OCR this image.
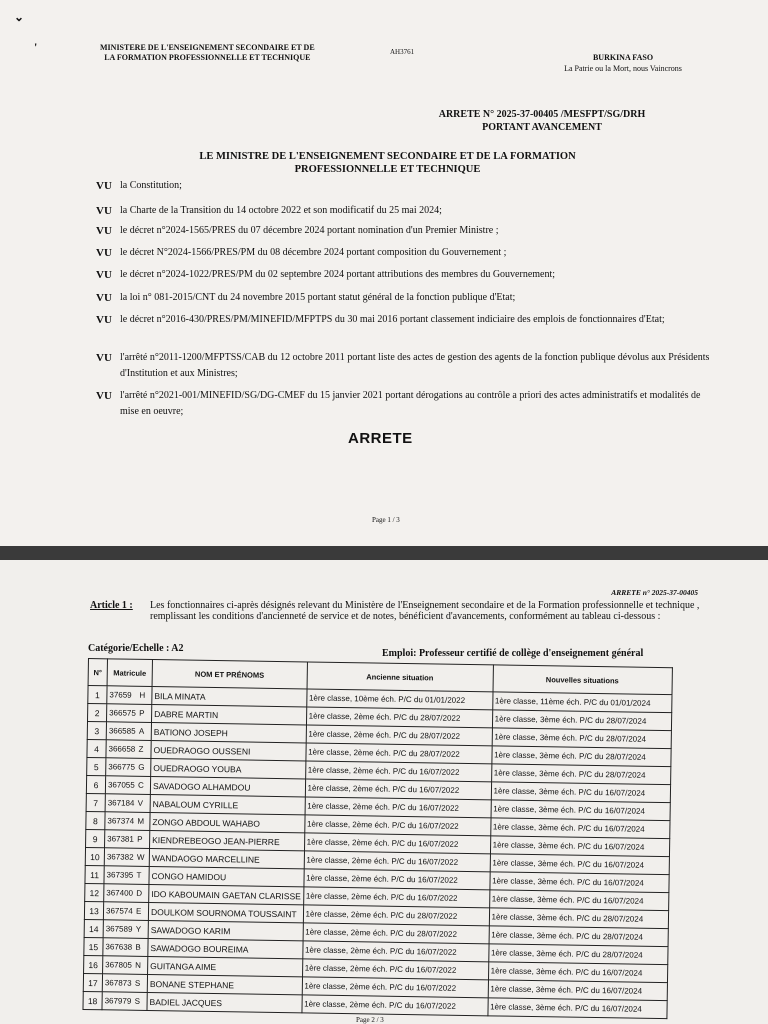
⌄
'	MINISTERE DE L'ENSEIGNEMENT SECONDAIRE ET DE
LA FORMATION PROFESSIONNELLE ET TECHNIQUE
AH3761
BURKINA FASO
La Patrie ou la Mort, nous Vaincrons
ARRETE N° 2025-37-00405 /MESFPT/SG/DRH
PORTANT AVANCEMENT
LE MINISTRE DE L'ENSEIGNEMENT SECONDAIRE ET DE LA FORMATION PROFESSIONNELLE ET TECHNIQUE
VU la Constitution;
VU la Charte de la Transition du 14 octobre 2022 et son modificatif du 25 mai 2024;
VU le décret n°2024-1565/PRES du 07 décembre 2024 portant nomination d'un Premier Ministre ;
VU le décret N°2024-1566/PRES/PM du 08 décembre 2024 portant composition du Gouvernement ;
VU le décret n°2024-1022/PRES/PM du 02 septembre 2024 portant attributions des membres du Gouvernement;
VU la loi n° 081-2015/CNT du 24 novembre 2015 portant statut général de la fonction publique d'Etat;
VU le décret n°2016-430/PRES/PM/MINEFID/MFPTPS du 30 mai 2016 portant classement indiciaire des emplois de fonctionnaires d'Etat;
VU l'arrêté n°2011-1200/MFPTSS/CAB du 12 octobre 2011 portant liste des actes de gestion des agents de la fonction publique dévolus aux Présidents d'Institution et aux Ministres;
VU l'arrêté n°2021-001/MINEFID/SG/DG-CMEF du 15 janvier 2021 portant dérogations au contrôle a priori des actes administratifs et modalités de mise en oeuvre;
ARRETE
Page 1 / 3
ARRETE n° 2025-37-00405
Article 1 : Les fonctionnaires ci-après désignés relevant du Ministère de l'Enseignement secondaire et de la Formation professionnelle et technique , remplissant les conditions d'ancienneté de service et de notes, bénéficient d'avancements, conformément au tableau ci-dessous :
Catégorie/Echelle : A2	Emploi: Professeur certifié de collège d'enseignement général
N°	Matricule	NOM ET PRÉNOMS	Ancienne situation	Nouvelles situations
1	37659 H	BILA MINATA	1ère classe, 10ème éch. P/C du 01/01/2022	1ère classe, 11ème éch. P/C du 01/01/2024
2	366575 P	DABRE MARTIN	1ère classe, 2ème éch. P/C du 28/07/2022	1ère classe, 3ème éch. P/C du 28/07/2024
3	366585 A	BATIONO JOSEPH	1ère classe, 2ème éch. P/C du 28/07/2022	1ère classe, 3ème éch. P/C du 28/07/2024
4	366658 Z	OUEDRAOGO OUSSENI	1ère classe, 2ème éch. P/C du 28/07/2022	1ère classe, 3ème éch. P/C du 28/07/2024
5	366775 G	OUEDRAOGO YOUBA	1ère classe, 2ème éch. P/C du 16/07/2022	1ère classe, 3ème éch. P/C du 28/07/2024
6	367055 C	SAVADOGO ALHAMDOU	1ère classe, 2ème éch. P/C du 16/07/2022	1ère classe, 3ème éch. P/C du 16/07/2024
7	367184 V	NABALOUM CYRILLE	1ère classe, 2ème éch. P/C du 16/07/2022	1ère classe, 3ème éch. P/C du 16/07/2024
8	367374 M	ZONGO ABDOUL WAHABO	1ère classe, 2ème éch. P/C du 16/07/2022	1ère classe, 3ème éch. P/C du 16/07/2024
9	367381 P	KIENDREBEOGO JEAN-PIERRE	1ère classe, 2ème éch. P/C du 16/07/2022	1ère classe, 3ème éch. P/C du 16/07/2024
10	367382 W	WANDAOGO MARCELLINE	1ère classe, 2ème éch. P/C du 16/07/2022	1ère classe, 3ème éch. P/C du 16/07/2024
11	367395 T	CONGO HAMIDOU	1ère classe, 2ème éch. P/C du 16/07/2022	1ère classe, 3ème éch. P/C du 16/07/2024
12	367400 D	IDO KABOUMAIN GAETAN CLARISSE	1ère classe, 2ème éch. P/C du 16/07/2022	1ère classe, 3ème éch. P/C du 16/07/2024
13	367574 E	DOULKOM SOURNOMA TOUSSAINT	1ère classe, 2ème éch. P/C du 28/07/2022	1ère classe, 3ème éch. P/C du 28/07/2024
14	367589 Y	SAWADOGO KARIM	1ère classe, 2ème éch. P/C du 28/07/2022	1ère classe, 3ème éch. P/C du 28/07/2024
15	367638 B	SAWADOGO BOUREIMA	1ère classe, 2ème éch. P/C du 16/07/2022	1ère classe, 3ème éch. P/C du 28/07/2024
16	367805 N	GUITANGA AIME	1ère classe, 2ème éch. P/C du 16/07/2022	1ère classe, 3ème éch. P/C du 16/07/2024
17	367873 S	BONANE STEPHANE	1ère classe, 2ème éch. P/C du 16/07/2022	1ère classe, 3ème éch. P/C du 16/07/2024
18	367979 S	BADIEL JACQUES	1ère classe, 2ème éch. P/C du 16/07/2022	1ère classe, 3ème éch. P/C du 16/07/2024
Page 2 / 3
